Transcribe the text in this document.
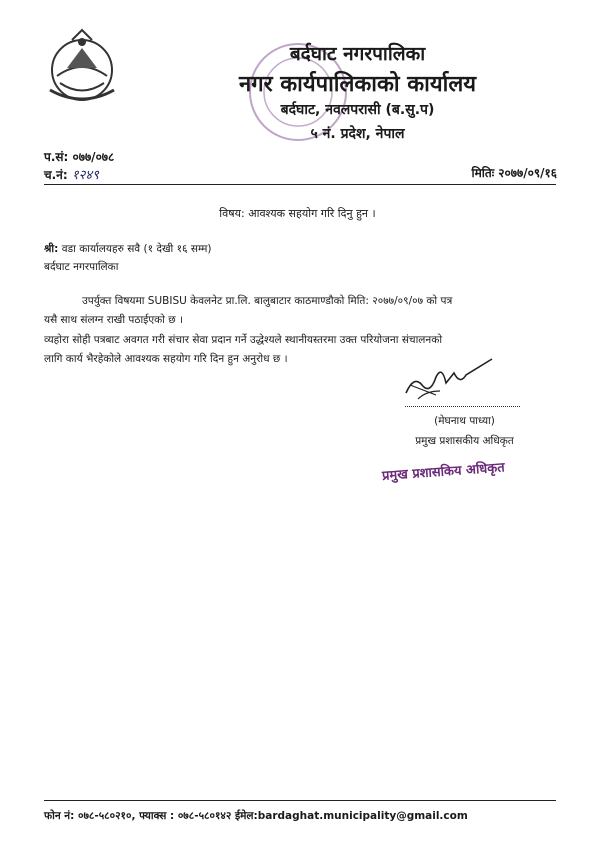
बर्दघाट नगरपालिका
नगर कार्यपालिकाको कार्यालय
बर्दघाट, नवलपरासी (ब.सु.प)
५ नं. प्रदेश, नेपाल
प.सं: ०७७/०७८
च.नं: १२४९	मितिः २०७७/०९/१६
विषय: आवश्यक सहयोग गरि दिनु हुन ।
श्री: वडा कार्यालयहरु सवै (१ देखी १६ सम्म)
बर्दघाट नगरपालिका
उपर्युक्त विषयमा SUBISU केवलनेट प्रा.लि. बालुबाटार काठमाण्डौको मिति: २०७७/०९/०७ को पत्र
यसै साथ संलग्न राखी पठाईएको छ ।
व्यहोरा सोही पत्रबाट अवगत गरी संचार सेवा प्रदान गर्ने उद्धेश्यले स्थानीयस्तरमा उक्त परियोजना संचालनको
लागि कार्य भैरहेकोले आवश्यक सहयोग गरि दिन हुन अनुरोध छ ।
(मेघनाथ पाध्या)
प्रमुख प्रशासकीय अधिकृत
प्रमुख प्रशासकिय अधिकृत
फोन नं: ०७८-५८०२१०, फ्याक्स : ०७८-५८०१४२ ईमेल:bardaghat.municipality@gmail.com
